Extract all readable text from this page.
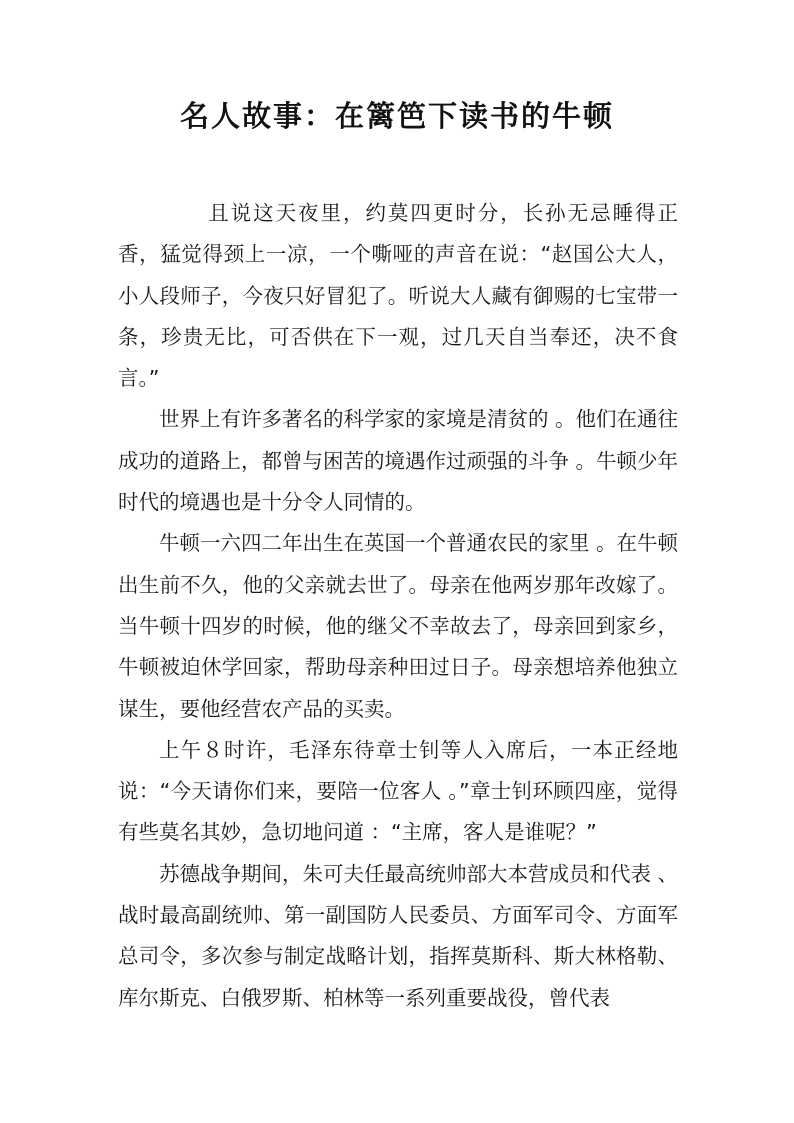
名人故事：在篱笆下读书的牛顿

且说这天夜里，约莫四更时分，长孙无忌睡得正香，猛觉得颈上一凉，一个嘶哑的声音在说：“赵国公大人，小人段师子，今夜只好冒犯了。听说大人藏有御赐的七宝带一条，珍贵无比，可否供在下一观，过几天自当奉还，决不食言。”

世界上有许多著名的科学家的家境是清贫的 。他们在通往成功的道路上，都曾与困苦的境遇作过顽强的斗争 。牛顿少年时代的境遇也是十分令人同情的。

牛顿一六四二年出生在英国一个普通农民的家里 。在牛顿出生前不久，他的父亲就去世了。母亲在他两岁那年改嫁了。当牛顿十四岁的时候，他的继父不幸故去了，母亲回到家乡，牛顿被迫休学回家，帮助母亲种田过日子。母亲想培养他独立谋生，要他经营农产品的买卖。

上午８时许，毛泽东待章士钊等人入席后，一本正经地说：“今天请你们来，要陪一位客人 。”章士钊环顾四座，觉得有些莫名其妙，急切地问道 ：“主席，客人是谁呢？”

苏德战争期间，朱可夫任最高统帅部大本营成员和代表 、战时最高副统帅、第一副国防人民委员、方面军司令、方面军总司令，多次参与制定战略计划，指挥莫斯科、斯大林格勒、库尔斯克、白俄罗斯、柏林等一系列重要战役，曾代表
